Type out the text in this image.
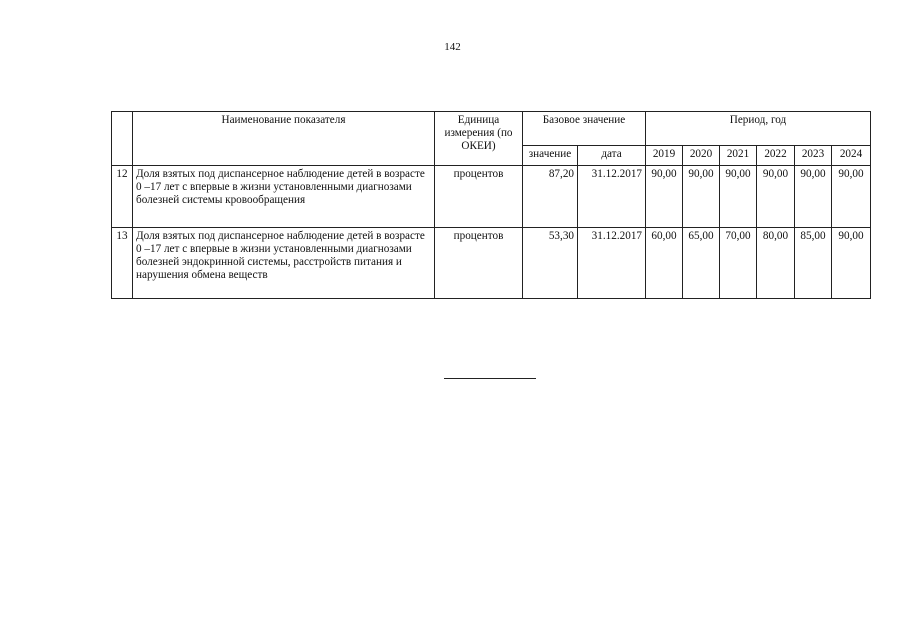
142
	Наименование показателя	Единица измерения (по ОКЕИ)	Базовое значение		Период, год					
			значение	дата	2019	2020	2021	2022	2023	2024
12	Доля взятых под диспансерное наблюдение детей в возрасте 0 –17 лет с впервые в жизни установленными диагнозами болезней системы кровообращения	процентов	87,20	31.12.2017	90,00	90,00	90,00	90,00	90,00	90,00
13	Доля взятых под диспансерное наблюдение детей в возрасте 0 –17 лет с впервые в жизни установленными диагнозами болезней эндокринной системы, расстройств питания и нарушения обмена веществ	процентов	53,30	31.12.2017	60,00	65,00	70,00	80,00	85,00	90,00
